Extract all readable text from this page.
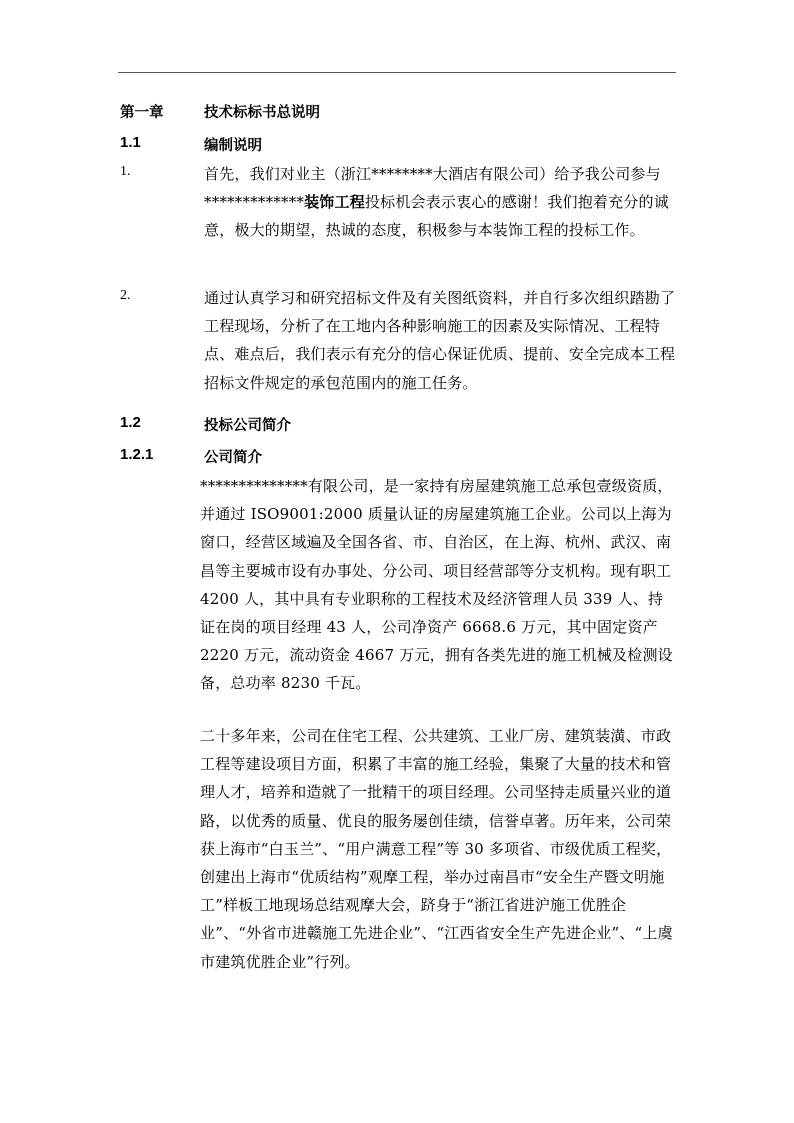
第一章	技术标标书总说明
1.1	编制说明
1.	首先，我们对业主（浙江********大酒店有限公司）给予我公司参与*************装饰工程投标机会表示衷心的感谢！我们抱着充分的诚意，极大的期望，热诚的态度，积极参与本装饰工程的投标工作。

2.	通过认真学习和研究招标文件及有关图纸资料，并自行多次组织踏勘了工程现场，分析了在工地内各种影响施工的因素及实际情况、工程特点、难点后，我们表示有充分的信心保证优质、提前、安全完成本工程招标文件规定的承包范围内的施工任务。

1.2	投标公司简介
1.2.1	公司简介

**************有限公司，是一家持有房屋建筑施工总承包壹级资质，并通过 ISO9001:2000 质量认证的房屋建筑施工企业。公司以上海为窗口，经营区域遍及全国各省、市、自治区，在上海、杭州、武汉、南昌等主要城市设有办事处、分公司、项目经营部等分支机构。现有职工 4200 人，其中具有专业职称的工程技术及经济管理人员 339 人、持证在岗的项目经理 43 人，公司净资产 6668.6 万元，其中固定资产 2220 万元，流动资金 4667 万元，拥有各类先进的施工机械及检测设备，总功率 8230 千瓦。

二十多年来，公司在住宅工程、公共建筑、工业厂房、建筑装潢、市政工程等建设项目方面，积累了丰富的施工经验，集聚了大量的技术和管理人才，培养和造就了一批精干的项目经理。公司坚持走质量兴业的道路，以优秀的质量、优良的服务屡创佳绩，信誉卓著。历年来，公司荣获上海市“白玉兰”、“用户满意工程”等 30 多项省、市级优质工程奖，创建出上海市“优质结构”观摩工程，举办过南昌市“安全生产暨文明施工”样板工地现场总结观摩大会，跻身于“浙江省进沪施工优胜企业”、“外省市进赣施工先进企业”、“江西省安全生产先进企业”、“上虞市建筑优胜企业”行列。
